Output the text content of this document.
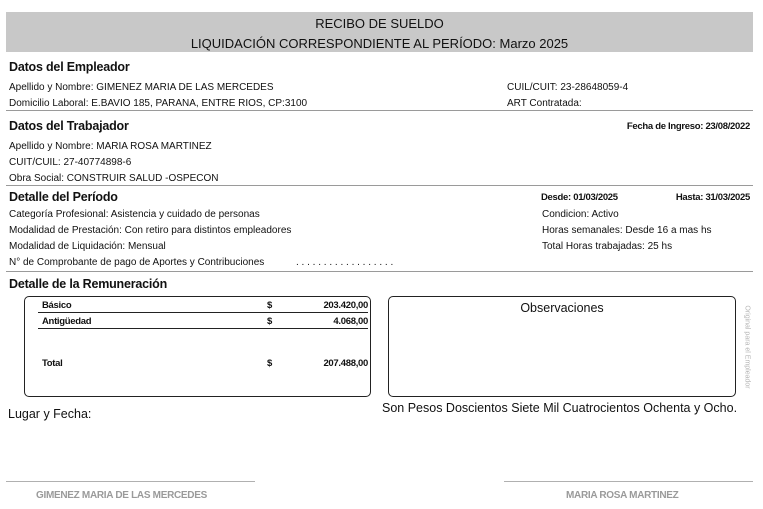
RECIBO DE SUELDO
LIQUIDACIÓN CORRESPONDIENTE AL PERÍODO: Marzo 2025
Datos del Empleador
Apellido y Nombre: GIMENEZ MARIA DE LAS MERCEDES	CUIL/CUIT: 23-28648059-4
Domicilio Laboral: E.BAVIO 185, PARANA, ENTRE RIOS, CP:3100	ART Contratada:
Datos del Trabajador	Fecha de Ingreso: 23/08/2022
Apellido y Nombre: MARIA ROSA MARTINEZ
CUIT/CUIL: 27-40774898-6
Obra Social: CONSTRUIR SALUD -OSPECON
Detalle del Período	Desde: 01/03/2025	Hasta: 31/03/2025
Categoría Profesional: Asistencia y cuidado de personas	Condicion: Activo
Modalidad de Prestación: Con retiro para distintos empleadores	Horas semanales: Desde 16 a mas hs
Modalidad de Liquidación: Mensual	Total Horas trabajadas: 25 hs
N° de Comprobante de pago de Aportes y Contribuciones	. . . . . . . . . . . . . . . . . .
Detalle de la Remuneración
Básico	$	203.420,00
Antigüedad	$	4.068,00
Total	$	207.488,00
Observaciones	Original para el Empleador
Lugar y Fecha:	Son Pesos Doscientos Siete Mil Cuatrocientos Ochenta y Ocho.
GIMENEZ MARIA DE LAS MERCEDES	MARIA ROSA MARTINEZ
